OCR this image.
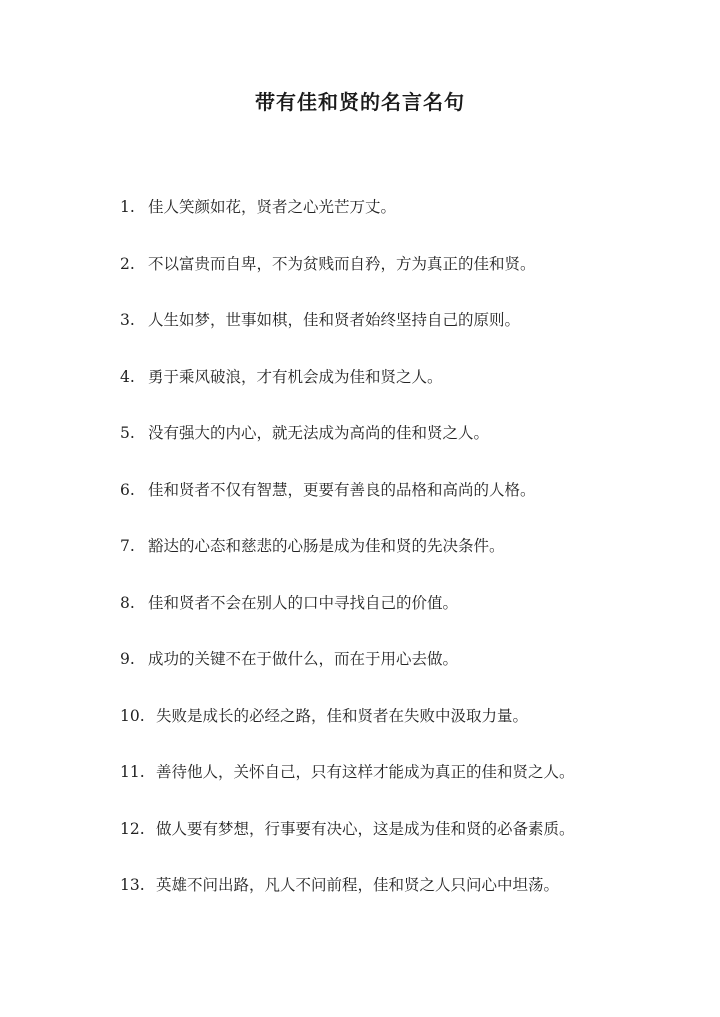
带有佳和贤的名言名句
1. 佳人笑颜如花，贤者之心光芒万丈。
2. 不以富贵而自卑，不为贫贱而自矜，方为真正的佳和贤。
3. 人生如梦，世事如棋，佳和贤者始终坚持自己的原则。
4. 勇于乘风破浪，才有机会成为佳和贤之人。
5. 没有强大的内心，就无法成为高尚的佳和贤之人。
6. 佳和贤者不仅有智慧，更要有善良的品格和高尚的人格。
7. 豁达的心态和慈悲的心肠是成为佳和贤的先决条件。
8. 佳和贤者不会在别人的口中寻找自己的价值。
9. 成功的关键不在于做什么，而在于用心去做。
10. 失败是成长的必经之路，佳和贤者在失败中汲取力量。
11. 善待他人，关怀自己，只有这样才能成为真正的佳和贤之人。
12. 做人要有梦想，行事要有决心，这是成为佳和贤的必备素质。
13. 英雄不问出路，凡人不问前程，佳和贤之人只问心中坦荡。
